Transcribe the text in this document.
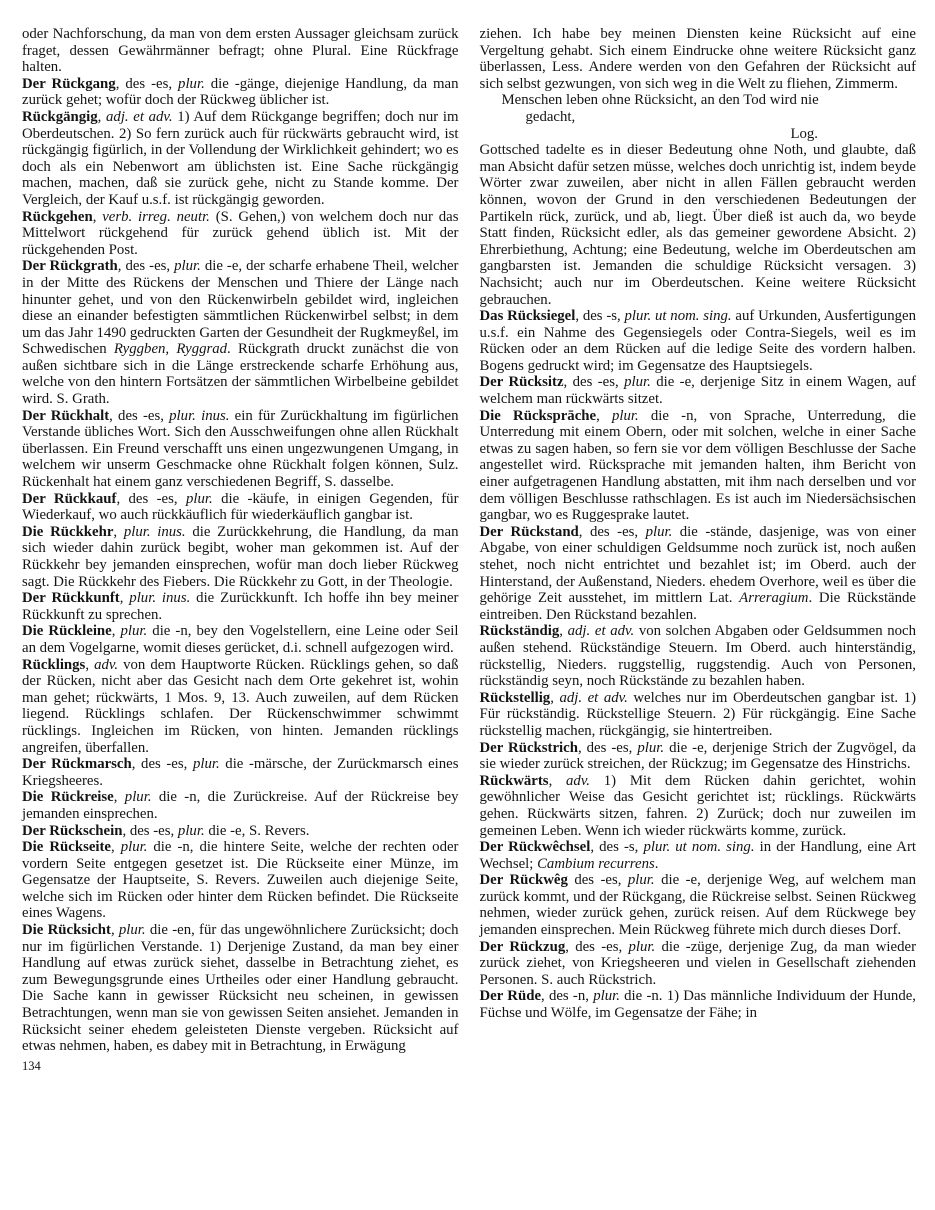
oder Nachforschung, da man von dem ersten Aussager gleichsam zurück fraget, dessen Gewährmänner befragt; ohne Plural. Eine Rückfrage halten.

Der Rückgang, des -es, plur. die -gänge, diejenige Handlung, da man zurück gehet; wofür doch der Rückweg üblicher ist.

Rückgängig, adj. et adv. 1) Auf dem Rückgange begriffen; doch nur im Oberdeutschen. 2) So fern zurück auch für rückwärts gebraucht wird, ist rückgängig figürlich, in der Vollendung der Wirklichkeit gehindert; wo es doch als ein Nebenwort am üblichsten ist. Eine Sache rückgängig machen, machen, daß sie zurück gehe, nicht zu Stande komme. Der Vergleich, der Kauf u.s.f. ist rückgängig geworden.

Rückgehen, verb. irreg. neutr. (S. Gehen,) von welchem doch nur das Mittelwort rückgehend für zurück gehend üblich ist. Mit der rückgehenden Post.

Der Rückgrath, des -es, plur. die -e, der scharfe erhabene Theil, welcher in der Mitte des Rückens der Menschen und Thiere der Länge nach hinunter gehet, und von den Rückenwirbeln gebildet wird, ingleichen diese an einander befestigten sämmtlichen Rückenwirbel selbst; in dem um das Jahr 1490 gedruckten Garten der Gesundheit der Rugkmeyßel, im Schwedischen Ryggben, Ryggrad. Rückgrath druckt zunächst die von außen sichtbare sich in die Länge erstreckende scharfe Erhöhung aus, welche von den hintern Fortsätzen der sämmtlichen Wirbelbeine gebildet wird. S. Grath.

Der Rückhalt, des -es, plur. inus. ein für Zurückhaltung im figürlichen Verstande übliches Wort. Sich den Ausschweifungen ohne allen Rückhalt überlassen. Ein Freund verschafft uns einen ungezwungenen Umgang, in welchem wir unserm Geschmacke ohne Rückhalt folgen können, Sulz. Rückenhalt hat einem ganz verschiedenen Begriff, S. dasselbe.

Der Rückkauf, des -es, plur. die -käufe, in einigen Gegenden, für Wiederkauf, wo auch rückkäuflich für wiederkäuflich gangbar ist.

Die Rückkehr, plur. inus. die Zurückkehrung, die Handlung, da man sich wieder dahin zurück begibt, woher man gekommen ist. Auf der Rückkehr bey jemanden einsprechen, wofür man doch lieber Rückweg sagt. Die Rückkehr des Fiebers. Die Rückkehr zu Gott, in der Theologie.

Der Rückkunft, plur. inus. die Zurückkunft. Ich hoffe ihn bey meiner Rückkunft zu sprechen.

Die Rückleine, plur. die -n, bey den Vogelstellern, eine Leine oder Seil an dem Vogelgarne, womit dieses gerücket, d.i. schnell aufgezogen wird.

Rücklings, adv. von dem Hauptworte Rücken. Rücklings gehen, so daß der Rücken, nicht aber das Gesicht nach dem Orte gekehret ist, wohin man gehet; rückwärts, 1 Mos. 9, 13. Auch zuweilen, auf dem Rücken liegend. Rücklings schlafen. Der Rückenschwimmer schwimmt rücklings. Ingleichen im Rücken, von hinten. Jemanden rücklings angreifen, überfallen.

Der Rückmarsch, des -es, plur. die -märsche, der Zurückmarsch eines Kriegsheeres.

Die Rückreise, plur. die -n, die Zurückreise. Auf der Rückreise bey jemanden einsprechen.

Der Rückschein, des -es, plur. die -e, S. Revers.

Die Rückseite, plur. die -n, die hintere Seite, welche der rechten oder vordern Seite entgegen gesetzet ist. Die Rückseite einer Münze, im Gegensatze der Hauptseite, S. Revers. Zuweilen auch diejenige Seite, welche sich im Rücken oder hinter dem Rücken befindet. Die Rückseite eines Wagens.

Die Rücksicht, plur. die -en, für das ungewöhnlichere Zurücksicht; doch nur im figürlichen Verstande. 1) Derjenige Zustand, da man bey einer Handlung auf etwas zurück siehet, dasselbe in Betrachtung ziehet, es zum Bewegungsgrunde eines Urtheiles oder einer Handlung gebraucht. Die Sache kann in gewisser Rücksicht neu scheinen, in gewissen Betrachtungen, wenn man sie von gewissen Seiten ansiehet. Jemanden in Rücksicht seiner ehedem geleisteten Dienste vergeben. Rücksicht auf etwas nehmen, haben, es dabey mit in Betrachtung, in Erwägung

ziehen. Ich habe bey meinen Diensten keine Rücksicht auf eine Vergeltung gehabt. Sich einem Eindrucke ohne weitere Rücksicht ganz überlassen, Less. Andere werden von den Gefahren der Rücksicht auf sich selbst gezwungen, von sich weg in die Welt zu fliehen, Zimmerm.

Menschen leben ohne Rücksicht, an den Tod wird nie

gedacht,

Log.

Gottsched tadelte es in dieser Bedeutung ohne Noth, und glaubte, daß man Absicht dafür setzen müsse, welches doch unrichtig ist, indem beyde Wörter zwar zuweilen, aber nicht in allen Fällen gebraucht werden können, wovon der Grund in den verschiedenen Bedeutungen der Partikeln rück, zurück, und ab, liegt. Über dieß ist auch da, wo beyde Statt finden, Rücksicht edler, als das gemeiner gewordene Absicht. 2) Ehrerbiethung, Achtung; eine Bedeutung, welche im Oberdeutschen am gangbarsten ist. Jemanden die schuldige Rücksicht versagen. 3) Nachsicht; auch nur im Oberdeutschen. Keine weitere Rücksicht gebrauchen.

Das Rücksiegel, des -s, plur. ut nom. sing. auf Urkunden, Ausfertigungen u.s.f. ein Nahme des Gegensiegels oder Contra-Siegels, weil es im Rücken oder an dem Rücken auf die ledige Seite des vordern halben. Bogens gedruckt wird; im Gegensatze des Hauptsiegels.

Der Rücksitz, des -es, plur. die -e, derjenige Sitz in einem Wagen, auf welchem man rückwärts sitzet.

Die Rücksprāche, plur. die -n, von Sprache, Unterredung, die Unterredung mit einem Obern, oder mit solchen, welche in einer Sache etwas zu sagen haben, so fern sie vor dem völligen Beschlusse der Sache angestellet wird. Rücksprache mit jemanden halten, ihm Bericht von einer aufgetragenen Handlung abstatten, mit ihm nach derselben und vor dem völligen Beschlusse rathschlagen. Es ist auch im Niedersächsischen gangbar, wo es Ruggesprake lautet.

Der Rückstand, des -es, plur. die -stände, dasjenige, was von einer Abgabe, von einer schuldigen Geldsumme noch zurück ist, noch außen stehet, noch nicht entrichtet und bezahlet ist; im Oberd. auch der Hinterstand, der Außenstand, Nieders. ehedem Overhore, weil es über die gehörige Zeit ausstehet, im mittlern Lat. Arreragium. Die Rückstände eintreiben. Den Rückstand bezahlen.

Rückständig, adj. et adv. von solchen Abgaben oder Geldsummen noch außen stehend. Rückständige Steuern. Im Oberd. auch hinterständig, rückstellig, Nieders. ruggstellig, ruggstendig. Auch von Personen, rückständig seyn, noch Rückstände zu bezahlen haben.

Rückstellig, adj. et adv. welches nur im Oberdeutschen gangbar ist. 1) Für rückständig. Rückstellige Steuern. 2) Für rückgängig. Eine Sache rückstellig machen, rückgängig, sie hintertreiben.

Der Rückstrich, des -es, plur. die -e, derjenige Strich der Zugvögel, da sie wieder zurück streichen, der Rückzug; im Gegensatze des Hinstrichs.

Rückwärts, adv. 1) Mit dem Rücken dahin gerichtet, wohin gewöhnlicher Weise das Gesicht gerichtet ist; rücklings. Rückwärts gehen. Rückwärts sitzen, fahren. 2) Zurück; doch nur zuweilen im gemeinen Leben. Wenn ich wieder rückwärts komme, zurück.

Der Rückwêchsel, des -s, plur. ut nom. sing. in der Handlung, eine Art Wechsel; Cambium recurrens.

Der Rückwêg des -es, plur. die -e, derjenige Weg, auf welchem man zurück kommt, und der Rückgang, die Rückreise selbst. Seinen Rückweg nehmen, wieder zurück gehen, zurück reisen. Auf dem Rückwege bey jemanden einsprechen. Mein Rückweg führete mich durch dieses Dorf.

Der Rückzug, des -es, plur. die -züge, derjenige Zug, da man wieder zurück ziehet, von Kriegsheeren und vielen in Gesellschaft ziehenden Personen. S. auch Rückstrich.

Der Rüde, des -n, plur. die -n. 1) Das männliche Individuum der Hunde, Füchse und Wölfe, im Gegensatze der Fähe; in

134
